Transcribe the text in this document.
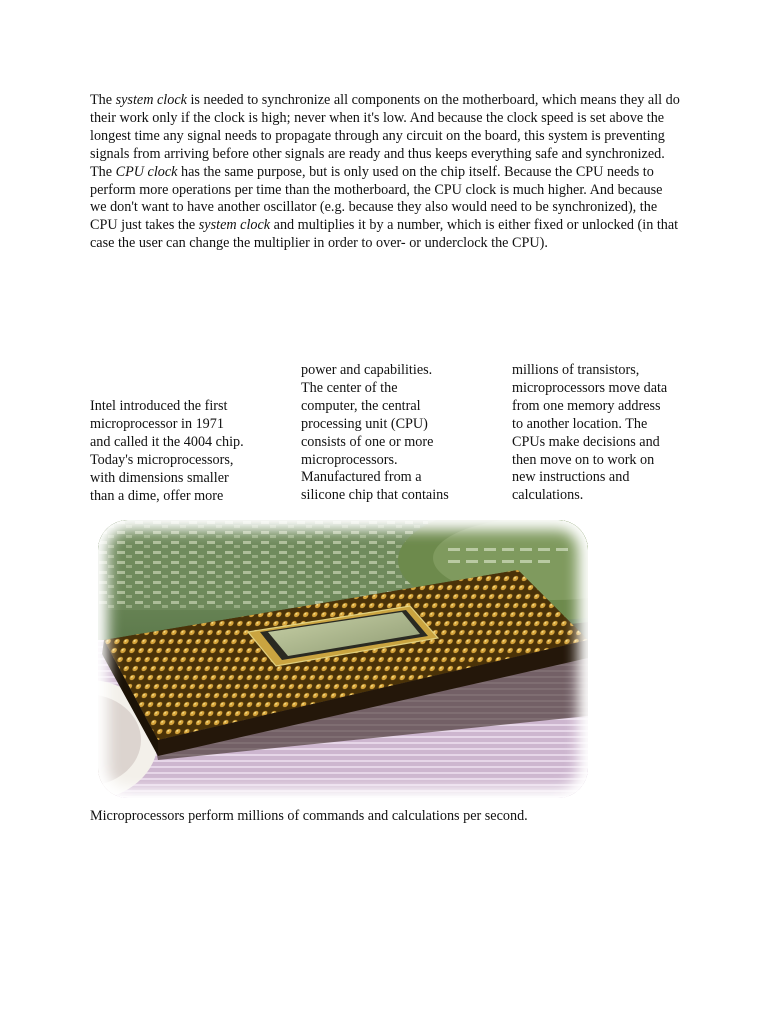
The system clock is needed to synchronize all components on the motherboard, which means they all do their work only if the clock is high; never when it's low. And because the clock speed is set above the longest time any signal needs to propagate through any circuit on the board, this system is preventing signals from arriving before other signals are ready and thus keeps everything safe and synchronized. The CPU clock has the same purpose, but is only used on the chip itself. Because the CPU needs to perform more operations per time than the motherboard, the CPU clock is much higher. And because we don't want to have another oscillator (e.g. because they also would need to be synchronized), the CPU just takes the system clock and multiplies it by a number, which is either fixed or unlocked (in that case the user can change the multiplier in order to over- or underclock the CPU).

Intel introduced the first
microprocessor in 1971
and called it the 4004 chip.
Today's microprocessors,
with dimensions smaller
than a dime, offer more

power and capabilities.
The center of the
computer, the central
processing unit (CPU)
consists of one or more
microprocessors.
Manufactured from a
silicone chip that contains

millions of transistors,
microprocessors move data
from one memory address
to another location. The
CPUs make decisions and
then move on to work on
new instructions and
calculations.

Microprocessors perform millions of commands and calculations per second.
